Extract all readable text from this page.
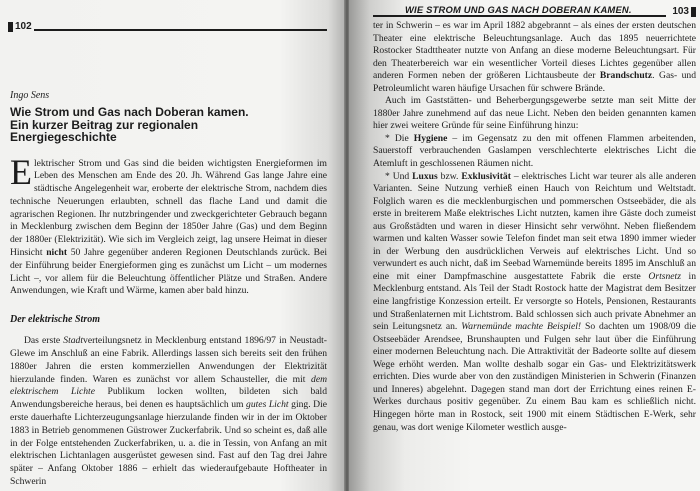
102
Ingo Sens
Wie Strom und Gas nach Doberan kamen.
Ein kurzer Beitrag zur regionalen
Energiegeschichte
Elektrischer Strom und Gas sind die beiden wichtigsten Energieformen im Leben des Menschen am Ende des 20. Jh. Während Gas lange Jahre eine städtische Angelegenheit war, eroberte der elektrische Strom, nachdem dies technische Neuerungen erlaubten, schnell das flache Land und damit die agrarischen Regionen. Ihr nutzbringender und zweckgerichteter Gebrauch begann in Mecklenburg zwischen dem Beginn der 1850er Jahre (Gas) und dem Beginn der 1880er (Elektrizität). Wie sich im Vergleich zeigt, lag unsere Heimat in dieser Hinsicht nicht 50 Jahre gegenüber anderen Regionen Deutschlands zurück. Bei der Einführung beider Energieformen ging es zunächst um Licht – um modernes Licht –, vor allem für die Beleuchtung öffentlicher Plätze und Straßen. Andere Anwendungen, wie Kraft und Wärme, kamen aber bald hinzu.
Der elektrische Strom
Das erste Stadtverteilungsnetz in Mecklenburg entstand 1896/97 in Neustadt-Glewe im Anschluß an eine Fabrik. Allerdings lassen sich bereits seit den frühen 1880er Jahren die ersten kommerziellen Anwendungen der Elektrizität hierzulande finden. Waren es zunächst vor allem Schausteller, die mit dem elektrischem Lichte Publikum locken wollten, bildeten sich bald Anwendungsbereiche heraus, bei denen es hauptsächlich um gutes Licht ging. Die erste dauerhafte Lichterzeugungsanlage hierzulande finden wir in der im Oktober 1883 in Betrieb genommenen Güstrower Zuckerfabrik. Und so scheint es, daß alle in der Folge entstehenden Zuckerfabriken, u. a. die in Tessin, von Anfang an mit elektrischen Lichtanlagen ausgerüstet gewesen sind. Fast auf den Tag drei Jahre später – Anfang Oktober 1886 – erhielt das wiederaufgebaute Hoftheater in Schwerin
WIE STROM UND GAS NACH DOBERAN KAMEN.	103

ter in Schwerin – es war im April 1882 abgebrannt – als eines der ersten deutschen Theater eine elektrische Beleuchtungsanlage. Auch das 1895 neuerrichtete Rostocker Stadttheater nutzte von Anfang an diese moderne Beleuchtungsart. Für den Theaterbereich war ein wesentlicher Vorteil dieses Lichtes gegenüber allen anderen Formen neben der größeren Lichtausbeute der Brandschutz. Gas- und Petroleumlicht waren häufige Ursachen für schwere Brände.

Auch im Gaststätten- und Beherbergungsgewerbe setzte man seit Mitte der 1880er Jahre zunehmend auf das neue Licht. Neben den beiden genannten kamen hier zwei weitere Gründe für seine Einführung hinzu:

* Die Hygiene – im Gegensatz zu den mit offenen Flammen arbeitenden, Sauerstoff verbrauchenden Gaslampen verschlechterte elektrisches Licht die Atemluft in geschlossenen Räumen nicht.

* Und Luxus bzw. Exklusivität – elektrisches Licht war teurer als alle anderen Varianten. Seine Nutzung verhieß einen Hauch von Reichtum und Weltstadt. Folglich waren es die mecklenburgischen und pommerschen Ostseebäder, die als erste in breiterem Maße elektrisches Licht nutzten, kamen ihre Gäste doch zumeist aus Großstädten und waren in dieser Hinsicht sehr verwöhnt. Neben fließendem warmen und kalten Wasser sowie Telefon findet man seit etwa 1890 immer wieder in der Werbung den ausdrücklichen Verweis auf elektrisches Licht. Und so verwundert es auch nicht, daß im Seebad Warnemünde bereits 1895 im Anschluß an eine mit einer Dampfmaschine ausgestattete Fabrik die erste Ortsnetz in Mecklenburg entstand. Als Teil der Stadt Rostock hatte der Magistrat dem Besitzer eine langfristige Konzession erteilt. Er versorgte so Hotels, Pensionen, Restaurants und Straßenlaternen mit Lichtstrom. Bald schlossen sich auch private Abnehmer an sein Leitungsnetz an. Warnemünde machte Beispiel! So dachten um 1908/09 die Ostseebäder Arendsee, Brunshaupten und Fulgen sehr laut über die Einführung einer modernen Beleuchtung nach. Die Attraktivität der Badeorte sollte auf diesem Wege erhöht werden. Man wollte deshalb sogar ein Gas- und Elektrizitätswerk errichten. Dies wurde aber von den zuständigen Ministerien in Schwerin (Finanzen und Inneres) abgelehnt. Dagegen stand man dort der Errichtung eines reinen E-Werkes durchaus positiv gegenüber. Zu einem Bau kam es schließlich nicht. Hingegen hörte man in Rostock, seit 1900 mit einem Städtischen E-Werk, sehr genau, was dort wenige Kilometer westlich ausge-
